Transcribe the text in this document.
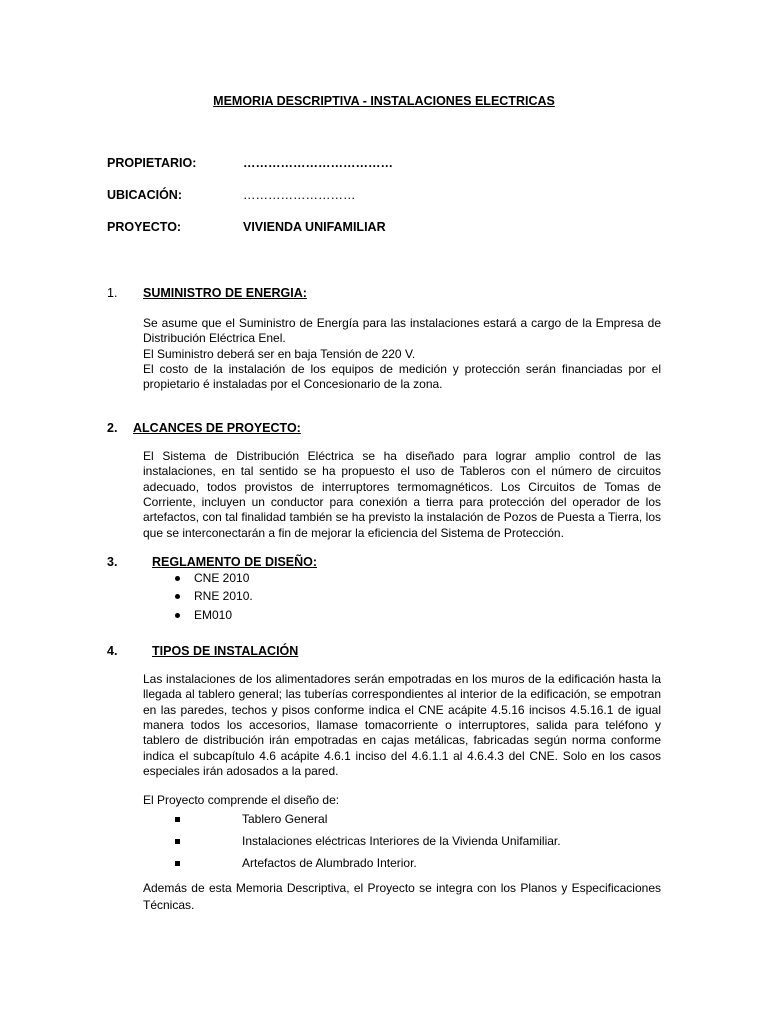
MEMORIA DESCRIPTIVA - INSTALACIONES ELECTRICAS
PROPIETARIO:	………………………………
UBICACIÓN:	………………………
PROYECTO:	VIVIENDA UNIFAMILIAR
1. SUMINISTRO DE ENERGIA:

Se asume que el Suministro de Energía para las instalaciones estará a cargo de la Empresa de Distribución Eléctrica Enel.

El Suministro deberá ser en baja Tensión de 220 V.

El costo de la instalación de los equipos de medición y protección serán financiadas por el propietario é instaladas por el Concesionario de la zona.

2. ALCANCES DE PROYECTO:
El Sistema de Distribución Eléctrica se ha diseñado para lograr amplio control de las instalaciones, en tal sentido se ha propuesto el uso de Tableros con el número de circuitos adecuado, todos provistos de interruptores termomagnéticos. Los Circuitos de Tomas de Corriente, incluyen un conductor para conexión a tierra para protección del operador de los artefactos, con tal finalidad también se ha previsto la instalación de Pozos de Puesta a Tierra, los que se interconectarán a fin de mejorar la eficiencia del Sistema de Protección.
3.	REGLAMENTO DE DISEÑO:
CNE 2010
RNE 2010.
EM010
4.	TIPOS DE INSTALACIÓN
Las instalaciones de los alimentadores serán empotradas en los muros de la edificación hasta la llegada al tablero general; las tuberías correspondientes al interior de la edificación, se empotran en las paredes, techos y pisos conforme indica el CNE acápite 4.5.16 incisos 4.5.16.1 de igual manera todos los accesorios, llamase tomacorriente o interruptores, salida para teléfono y tablero de distribución irán empotradas en cajas metálicas, fabricadas según norma conforme indica el subcapítulo 4.6 acápite 4.6.1 inciso del 4.6.1.1 al 4.6.4.3 del CNE. Solo en los casos especiales irán adosados a la pared.
El Proyecto comprende el diseño de:
Tablero General
Instalaciones eléctricas Interiores de la Vivienda Unifamiliar.
Artefactos de Alumbrado Interior.
Además de esta Memoria Descriptiva, el Proyecto se integra con los Planos y Especificaciones Técnicas.
